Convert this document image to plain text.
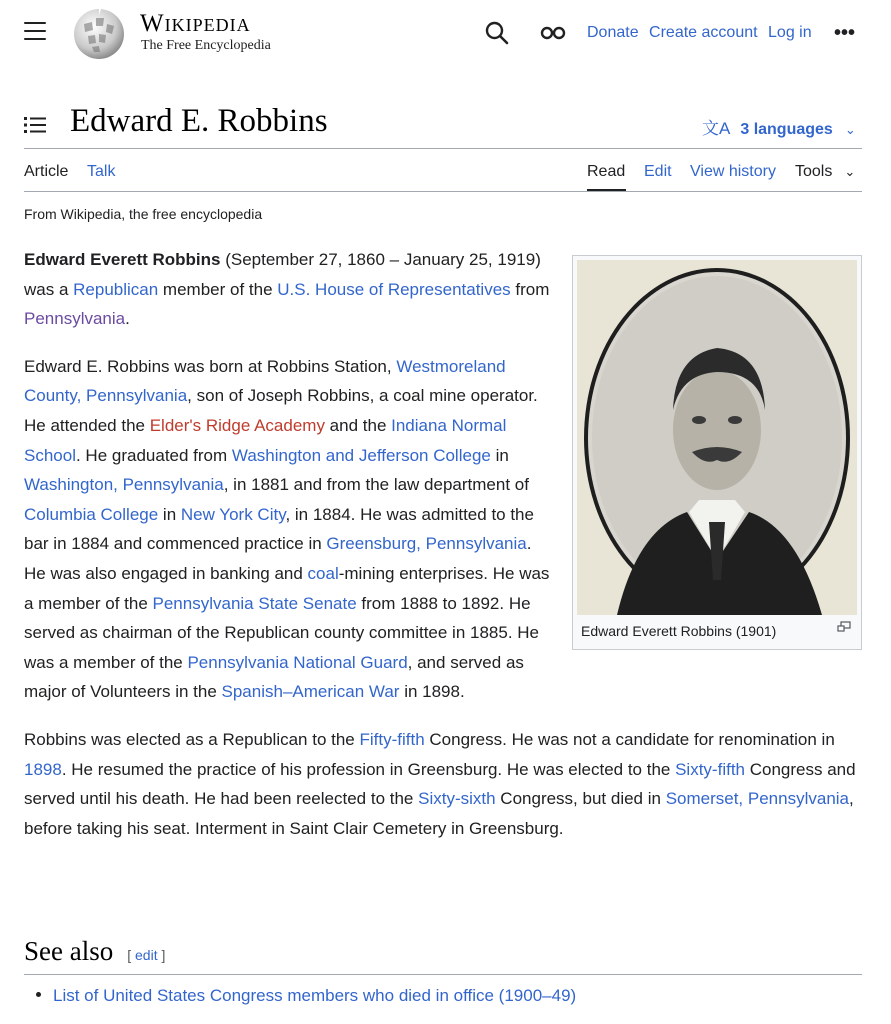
Wikipedia
The Free Encyclopedia
Donate Create account Log in	•••
Edward E. Robbins	文A 3 languages ⌄
Article Talk	Read Edit View history Tools ⌄
From Wikipedia, the free encyclopedia
Edward Everett Robbins (1901)

Edward Everett Robbins (September 27, 1860 – January 25, 1919) was a Republican member of the U.S. House of Representatives from Pennsylvania.

Edward E. Robbins was born at Robbins Station, Westmoreland County, Pennsylvania, son of Joseph Robbins, a coal mine operator. He attended the Elder's Ridge Academy and the Indiana Normal School. He graduated from Washington and Jefferson College in Washington, Pennsylvania, in 1881 and from the law department of Columbia College in New York City, in 1884. He was admitted to the bar in 1884 and commenced practice in Greensburg, Pennsylvania. He was also engaged in banking and coal-mining enterprises. He was a member of the Pennsylvania State Senate from 1888 to 1892. He served as chairman of the Republican county committee in 1885. He was a member of the Pennsylvania National Guard, and served as major of Volunteers in the Spanish–American War in 1898.

Robbins was elected as a Republican to the Fifty-fifth Congress. He was not a candidate for renomination in 1898. He resumed the practice of his profession in Greensburg. He was elected to the Sixty-fifth Congress and served until his death. He had been reelected to the Sixty-sixth Congress, but died in Somerset, Pennsylvania, before taking his seat. Interment in Saint Clair Cemetery in Greensburg.

See also [ edit ]
List of United States Congress members who died in office (1900–49)
